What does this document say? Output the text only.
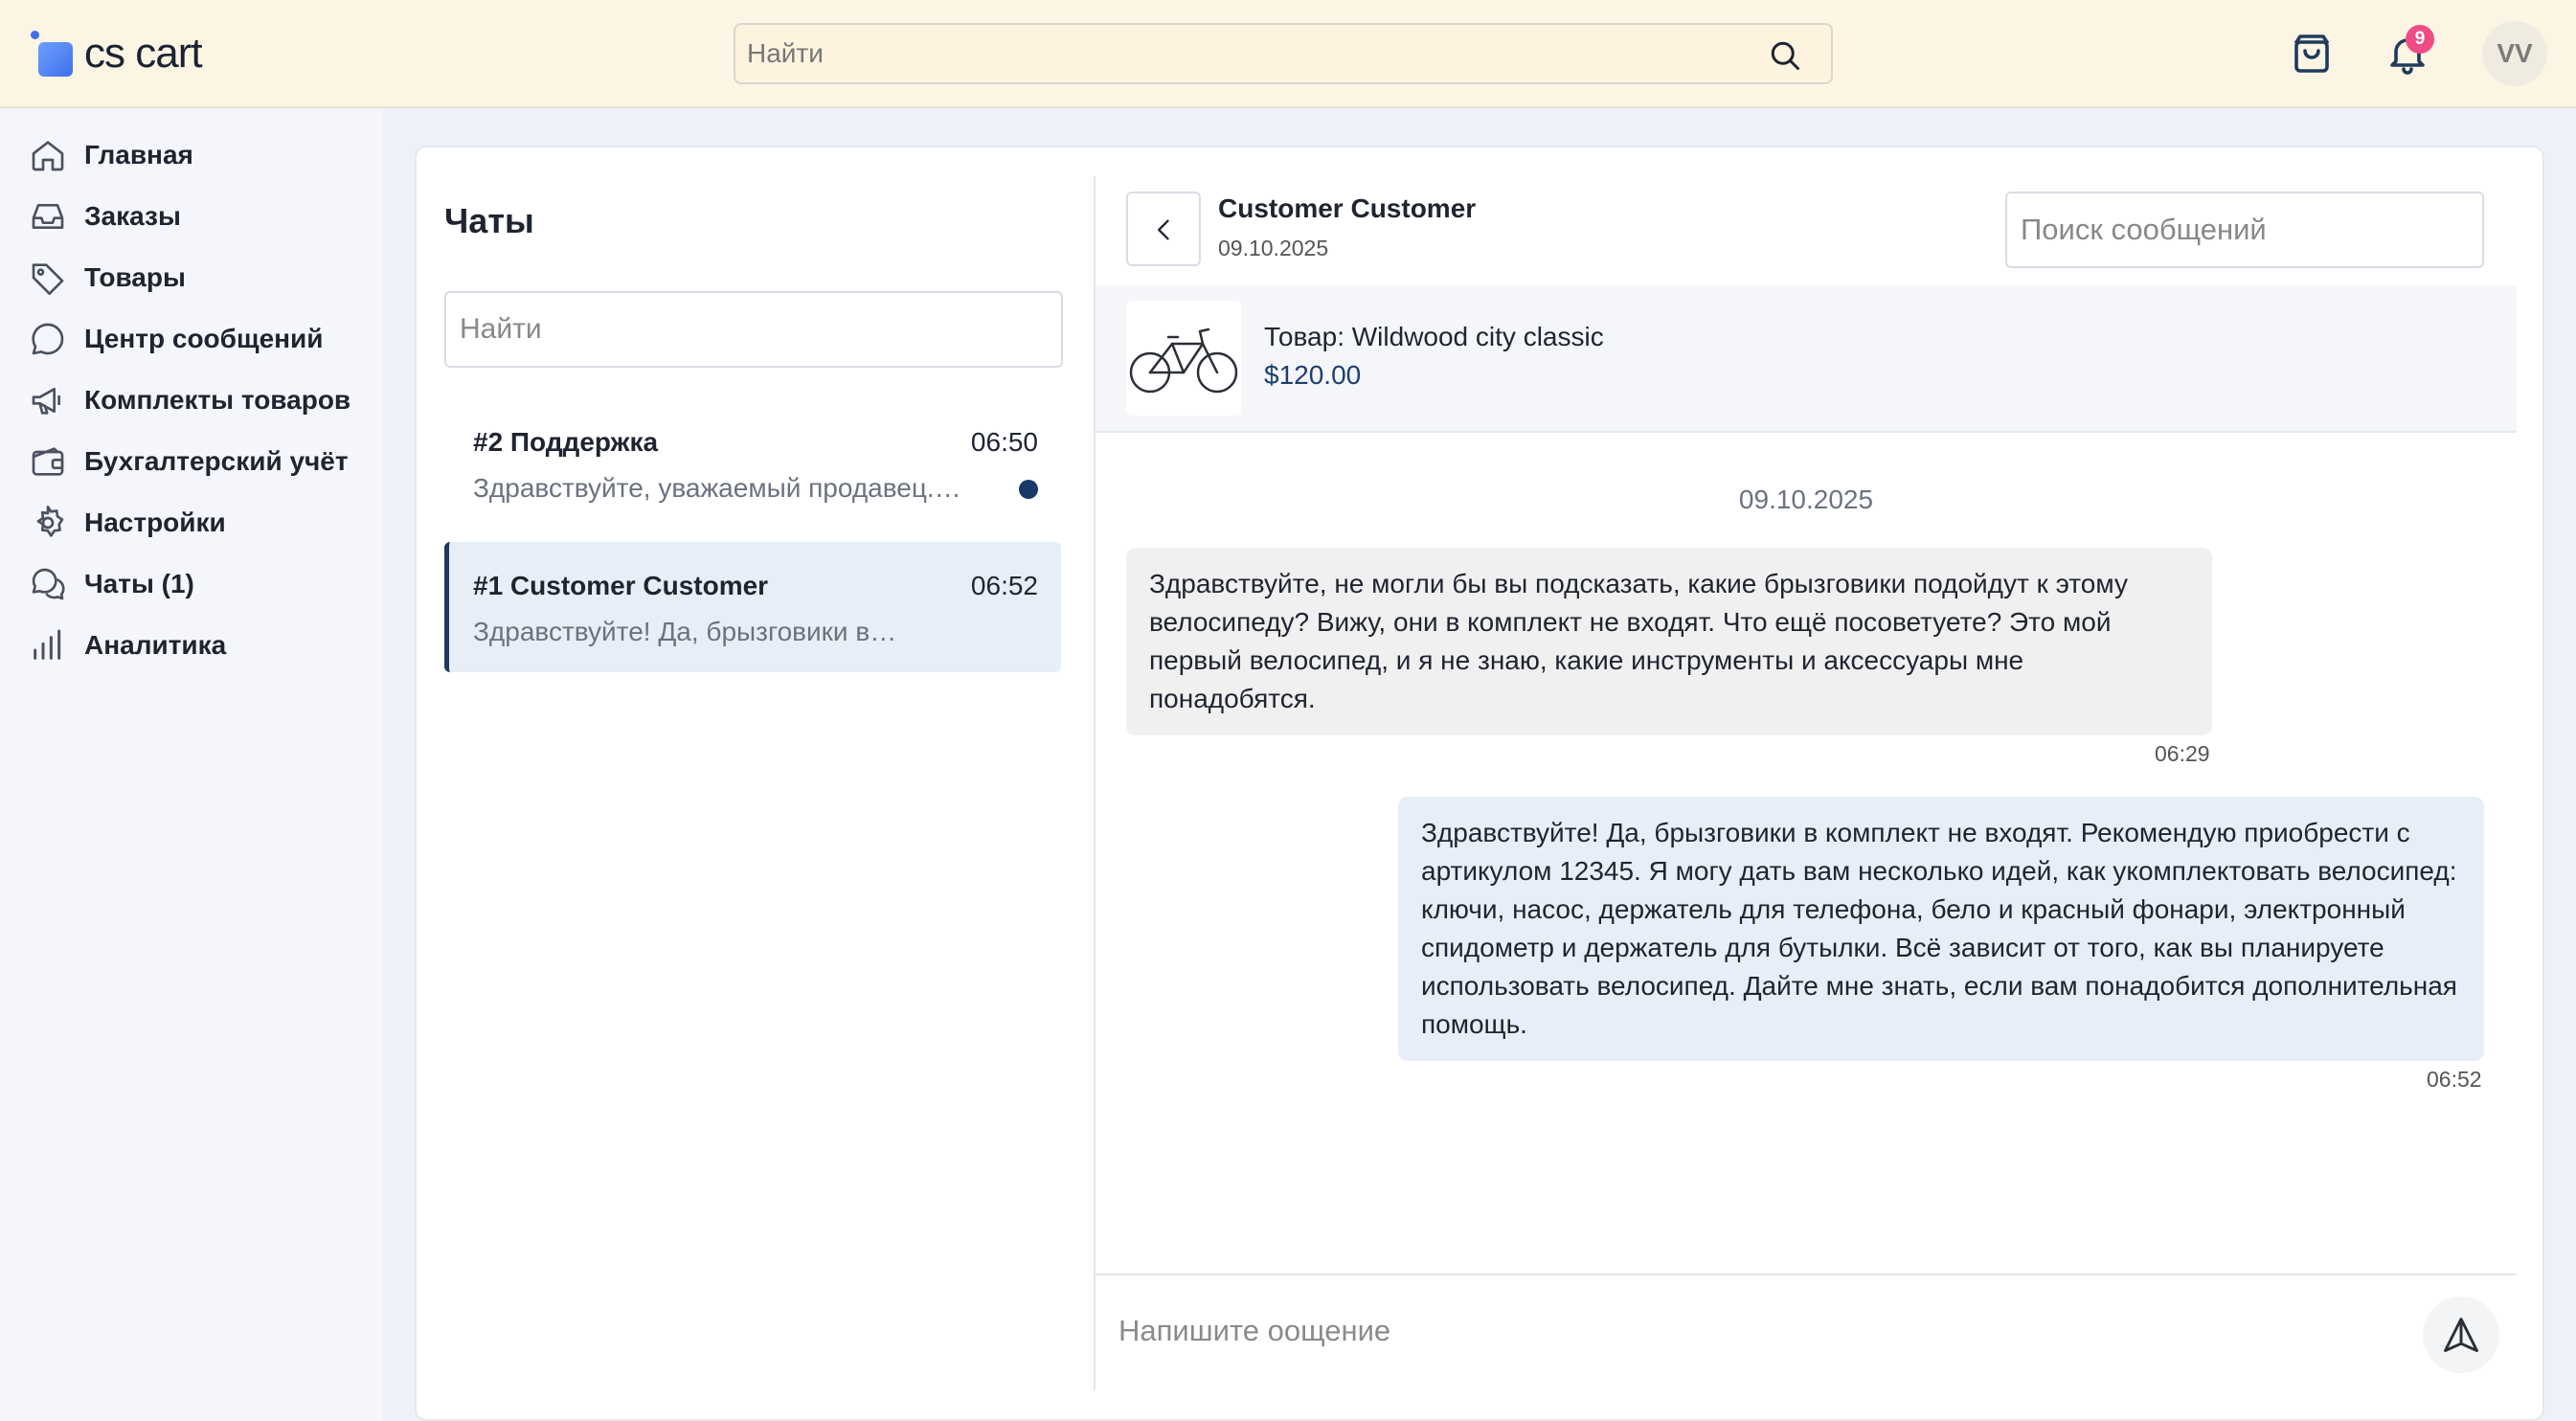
cs cart
Найти	9	VV
Главная
Заказы
Товары
Центр сообщений
Комплекты товаров
Бухгалтерский учёт
Настройки
Чаты (1)
Аналитика
Чаты
Найти
#2 Поддержка	06:50
Здравствуйте, уважаемый продавец.…
#1 Customer Customer	06:52
Здравствуйте! Да, брызговики в…
Customer Customer
09.10.2025
Поиск сообщений
Товар: Wildwood city classic
$120.00
09.10.2025
Здравствуйте, не могли бы вы подсказать, какие брызговики подойдут к этому велосипеду? Вижу, они в комплект не входят. Что ещё посоветуете? Это мой первый велосипед, и я не знаю, какие инструменты и аксессуары мне понадобятся.
06:29
Здравствуйте! Да, брызговики в комплект не входят. Рекомендую приобрести с артикулом 12345. Я могу дать вам несколькo идей, как укомплектовать велосипед: ключи, насос, держатель для телефона, бело и красный фонари, электронный спидометр и держатель для бутылки. Всё зависит от того, как вы планируете использовать велосипед. Дайте мне знать, если вам понадобится дополнительная помощь.
06:52
Напишите оощение
